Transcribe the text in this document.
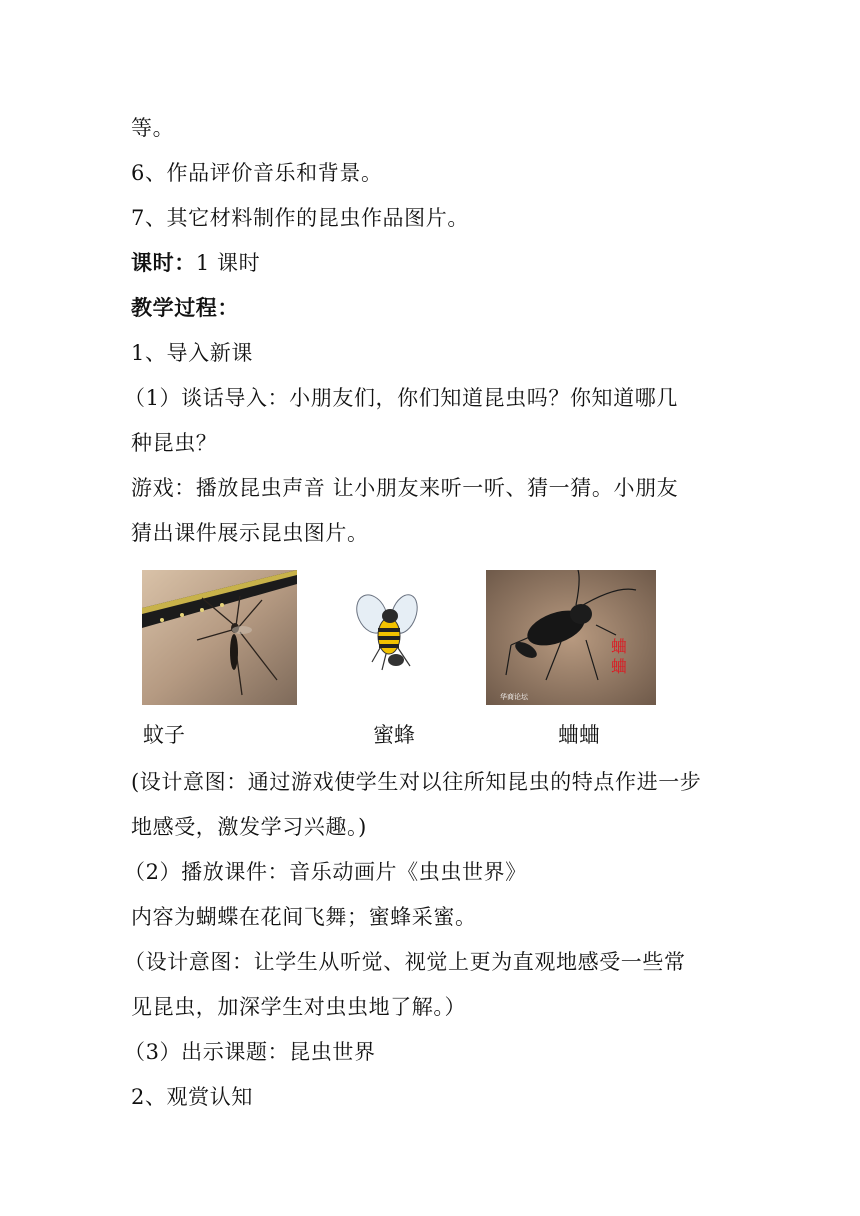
等。
6、作品评价音乐和背景。
7、其它材料制作的昆虫作品图片。
课时：1 课时
教学过程：
1、导入新课
（1）谈话导入：小朋友们，你们知道昆虫吗？你知道哪几
种昆虫？
游戏：播放昆虫声音 让小朋友来听一听、猜一猜。小朋友
猜出课件展示昆虫图片。
蛐
蛐
华商论坛
蚊子	蜜蜂	蛐蛐
(设计意图：通过游戏使学生对以往所知昆虫的特点作进一步
地感受，激发学习兴趣。)
（2）播放课件：音乐动画片《虫虫世界》
内容为蝴蝶在花间飞舞；蜜蜂采蜜。
（设计意图：让学生从听觉、视觉上更为直观地感受一些常
见昆虫，加深学生对虫虫地了解。）
（3）出示课题：昆虫世界
2、观赏认知
